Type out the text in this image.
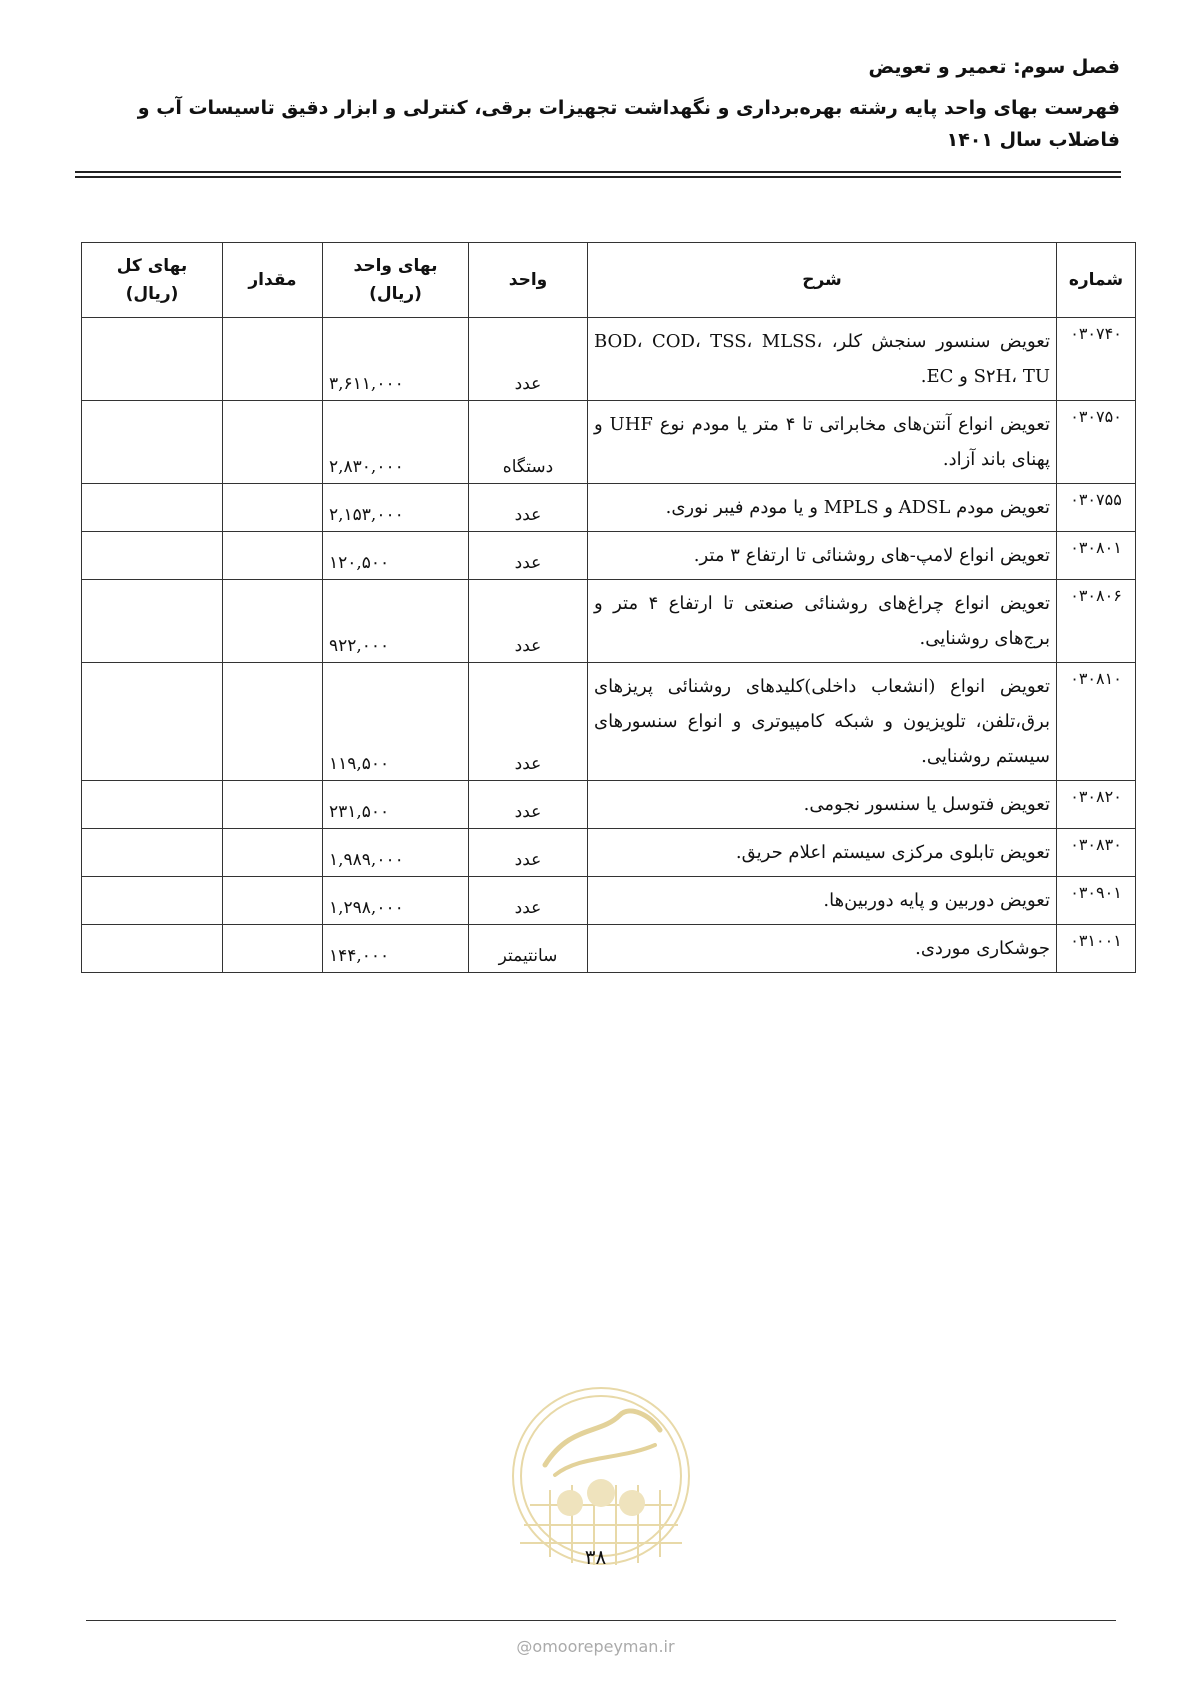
فصل سوم: تعمیر و تعویض

فهرست بهای واحد پایه رشته بهره‌برداری و نگهداشت تجهیزات برقی، کنترلی و ابزار دقیق تاسیسات آب و فاضلاب سال ۱۴۰۱

شماره	شرح	واحد	بهای واحد (ریال)	مقدار	بهای کل (ریال)
۰۳۰۷۴۰	تعویض سنسور سنجش کلر، BOD، COD، TSS، MLSS، S۲H، TU و EC.	عدد	۳,۶۱۱,۰۰۰		
۰۳۰۷۵۰	تعویض انواع آنتن‌های مخابراتی تا ۴ متر یا مودم نوع UHF و پهنای باند آزاد.	دستگاه	۲,۸۳۰,۰۰۰		
۰۳۰۷۵۵	تعویض مودم ADSL و MPLS و یا مودم فیبر نوری.	عدد	۲,۱۵۳,۰۰۰		
۰۳۰۸۰۱	تعویض انواع لامپ-های روشنائی تا ارتفاع ۳ متر.	عدد	۱۲۰,۵۰۰		
۰۳۰۸۰۶	تعویض انواع چراغ‌های روشنائی صنعتی تا ارتفاع ۴ متر و برج‌های روشنایی.	عدد	۹۲۲,۰۰۰		
۰۳۰۸۱۰	تعویض انواع (انشعاب داخلی)کلیدهای روشنائی پریزهای برق،تلفن، تلویزیون و شبکه کامپیوتری و انواع سنسورهای سیستم روشنایی.	عدد	۱۱۹,۵۰۰		
۰۳۰۸۲۰	تعویض فتوسل یا سنسور نجومی.	عدد	۲۳۱,۵۰۰		
۰۳۰۸۳۰	تعویض تابلوی مرکزی سیستم اعلام حریق.	عدد	۱,۹۸۹,۰۰۰		
۰۳۰۹۰۱	تعویض دوربین و پایه دوربین‌ها.	عدد	۱,۲۹۸,۰۰۰		
۰۳۱۰۰۱	جوشکاری موردی.	سانتیمتر	۱۴۴,۰۰۰		
۳۸
@omoorepeyman.ir
